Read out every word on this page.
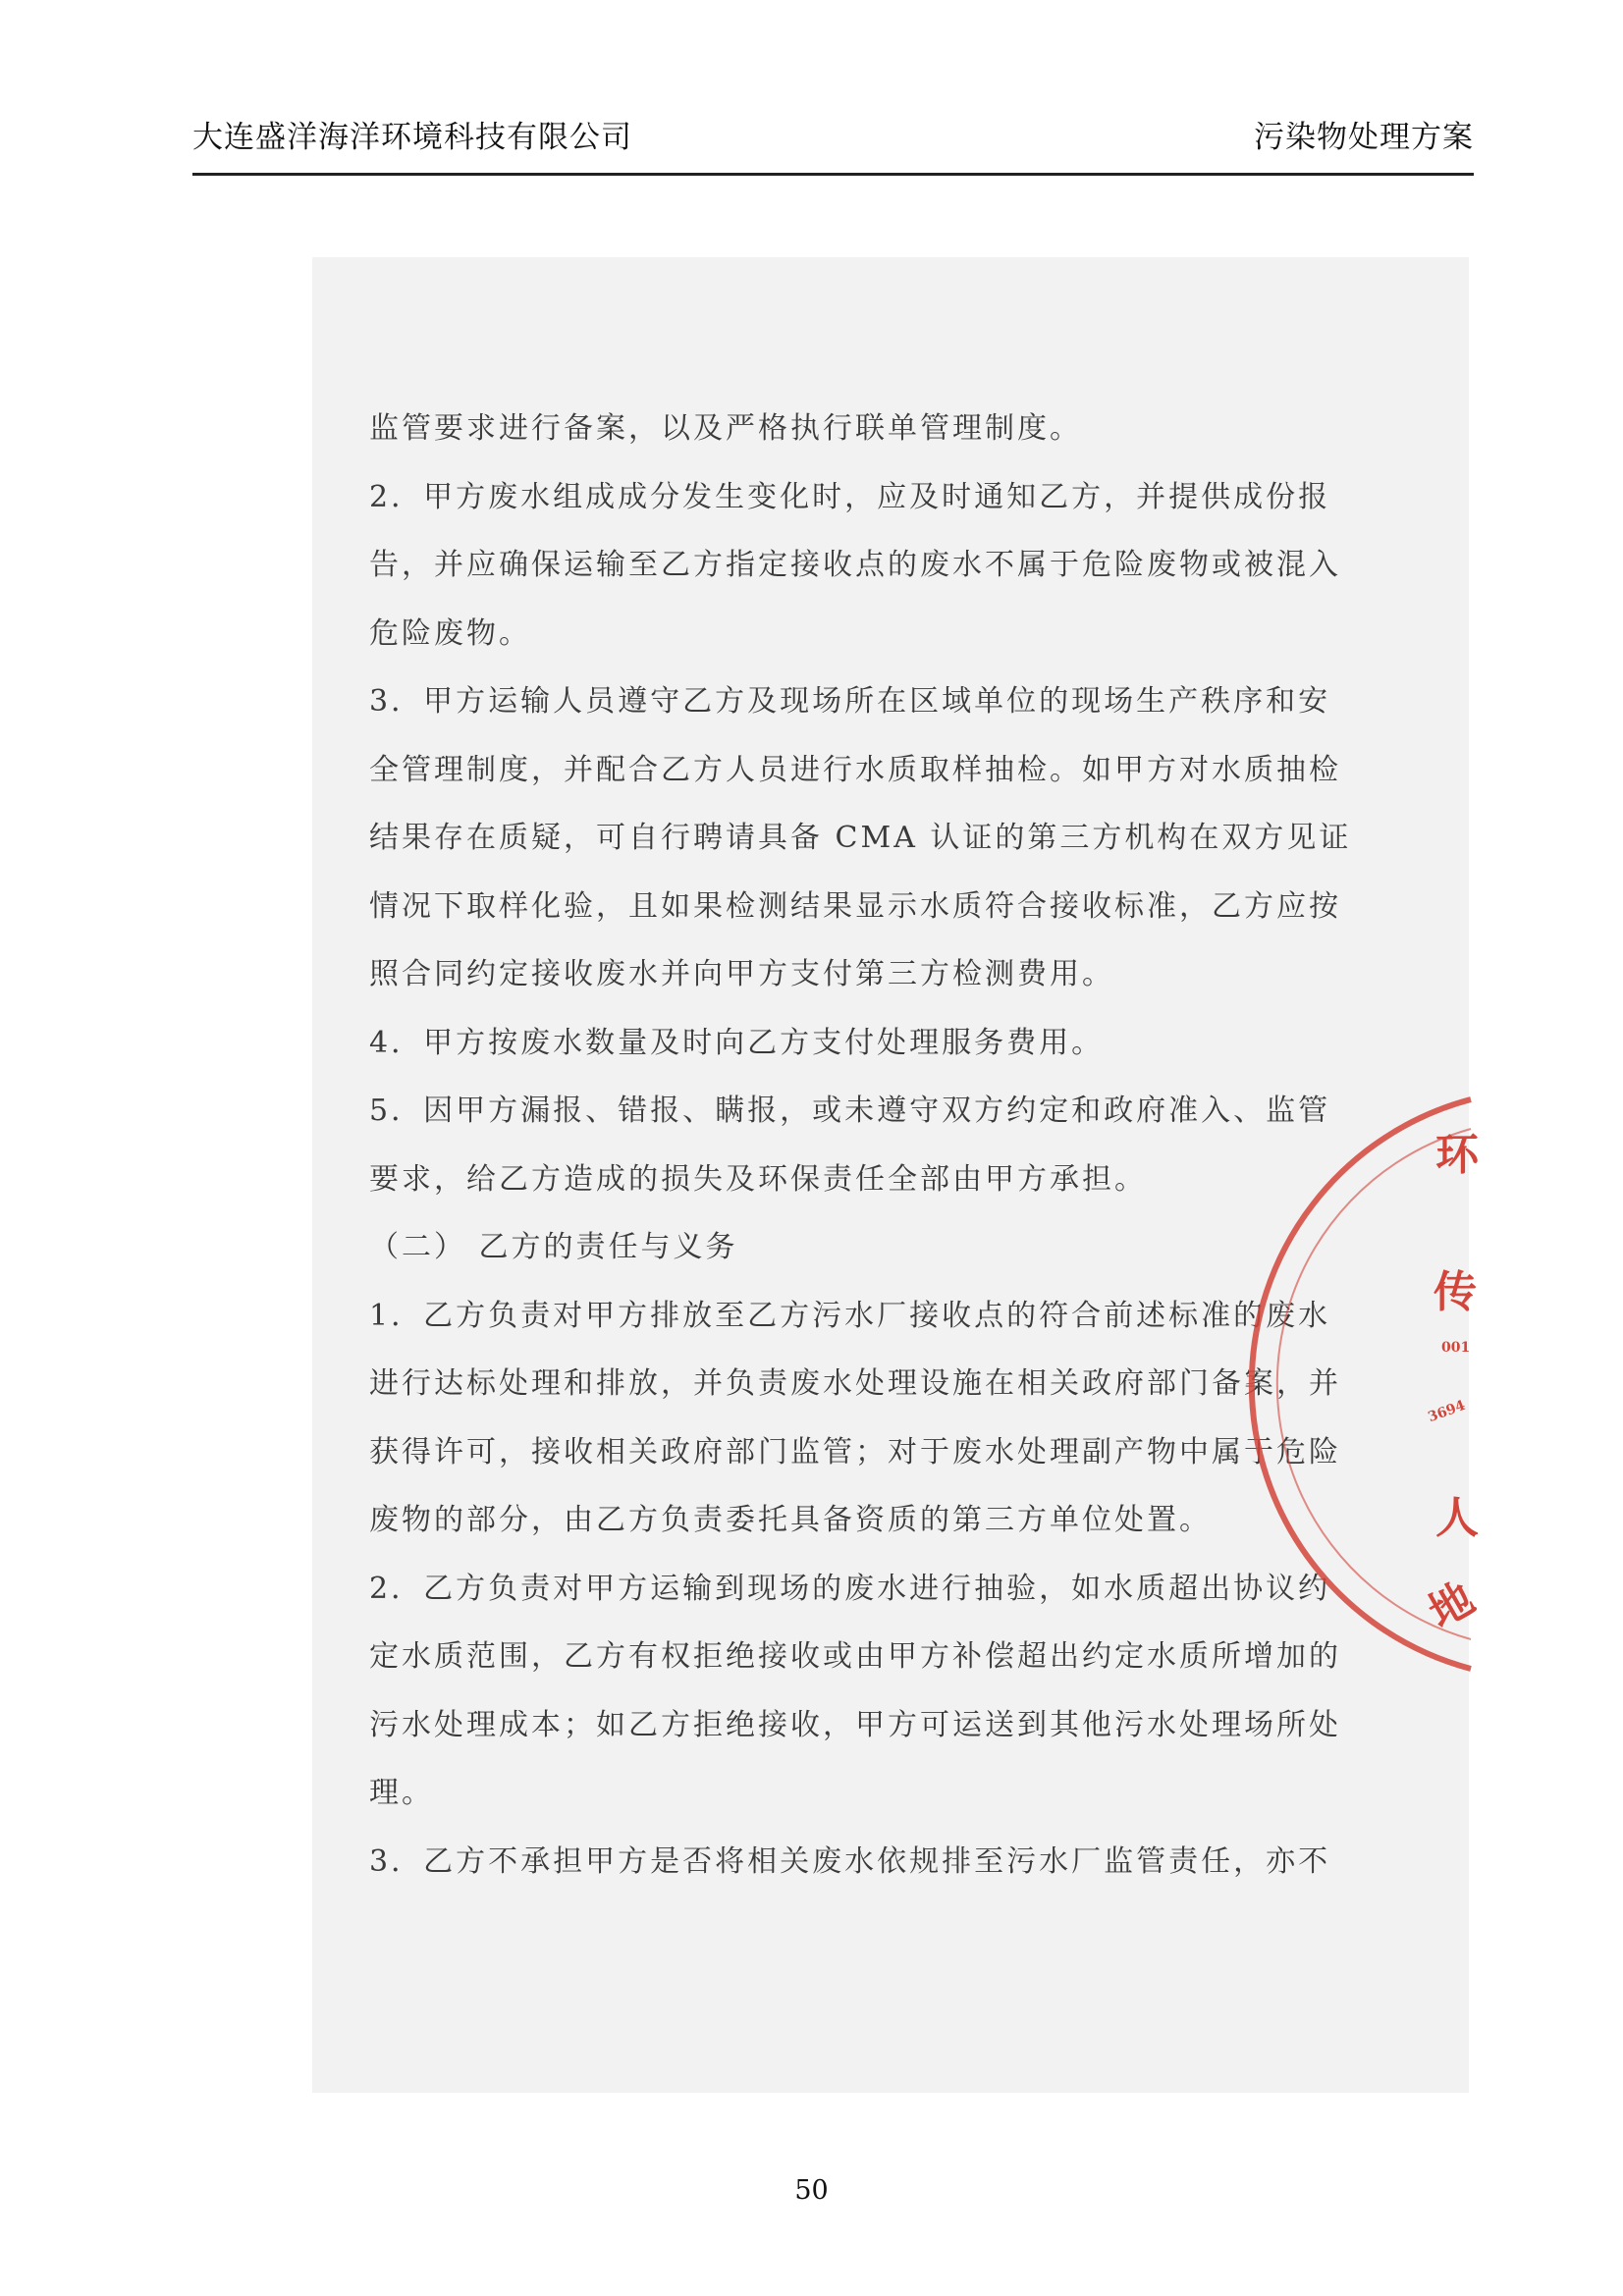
大连盛洋海洋环境科技有限公司	污染物处理方案
监管要求进行备案，以及严格执行联单管理制度。
2．甲方废水组成成分发生变化时，应及时通知乙方，并提供成份报
告，并应确保运输至乙方指定接收点的废水不属于危险废物或被混入
危险废物。
3．甲方运输人员遵守乙方及现场所在区域单位的现场生产秩序和安
全管理制度，并配合乙方人员进行水质取样抽检。如甲方对水质抽检
结果存在质疑，可自行聘请具备 CMA 认证的第三方机构在双方见证
情况下取样化验，且如果检测结果显示水质符合接收标准，乙方应按
照合同约定接收废水并向甲方支付第三方检测费用。
4．甲方按废水数量及时向乙方支付处理服务费用。
5．因甲方漏报、错报、瞒报，或未遵守双方约定和政府准入、监管
要求，给乙方造成的损失及环保责任全部由甲方承担。
（二） 乙方的责任与义务
1．乙方负责对甲方排放至乙方污水厂接收点的符合前述标准的废水
进行达标处理和排放，并负责废水处理设施在相关政府部门备案，并
获得许可，接收相关政府部门监管；对于废水处理副产物中属于危险
废物的部分，由乙方负责委托具备资质的第三方单位处置。
2．乙方负责对甲方运输到现场的废水进行抽验，如水质超出协议约
定水质范围，乙方有权拒绝接收或由甲方补偿超出约定水质所增加的
污水处理成本；如乙方拒绝接收，甲方可运送到其他污水处理场所处
理。
3．乙方不承担甲方是否将相关废水依规排至污水厂监管责任，亦不
环
传
001
3694
人
地
50
